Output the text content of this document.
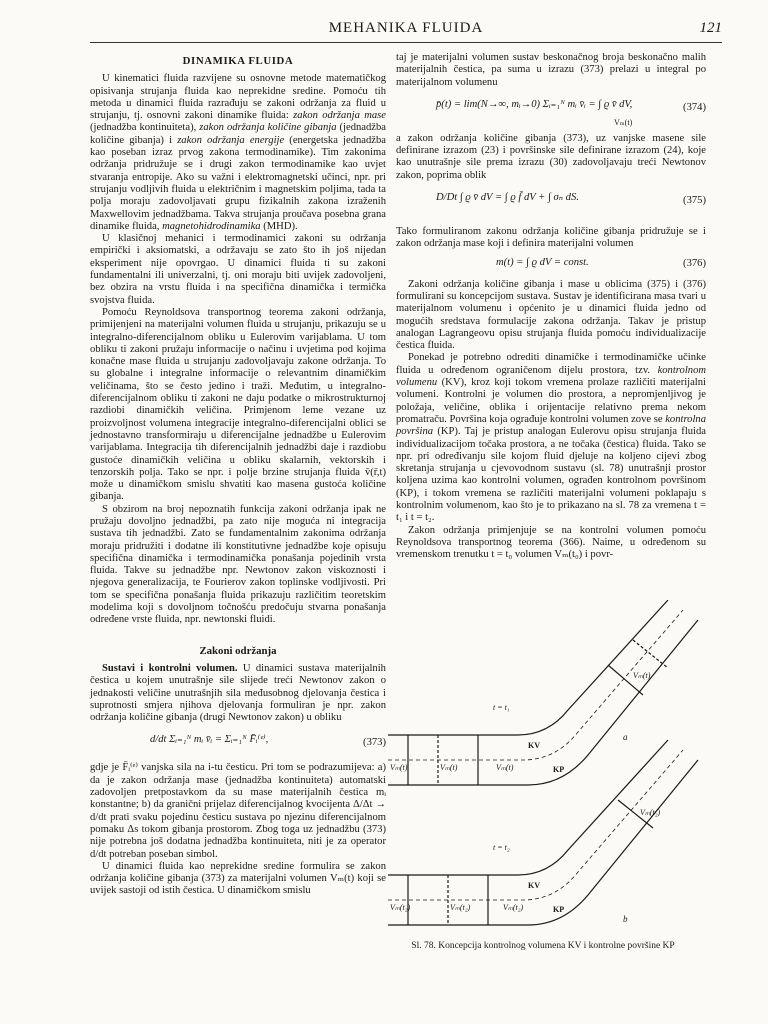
MEHANIKA FLUIDA	121
DINAMIKA FLUIDA

U kinematici fluida razvijene su osnovne metode matematičkog opisivanja strujanja fluida kao neprekidne sredine. Pomoću tih metoda u dinamici fluida razrađuju se zakoni održanja za fluid u strujanju, tj. osnovni zakoni dinamike fluida: zakon održanja mase (jednadžba kontinuiteta), zakon održanja količine gibanja (jednadžba količine gibanja) i zakon održanja energije (energetska jednadžba kao poseban izraz prvog zakona termodinamike). Tim zakonima održanja pridružuje se i drugi zakon termodinamike kao uvjet stvaranja entropije. Ako su važni i elektromagnetski učinci, npr. pri strujanju vodljivih fluida u električnim i magnetskim poljima, tada ta polja moraju zadovoljavati grupu fizikalnih zakona izraženih Maxwellovim jednadžbama. Takva strujanja proučava posebna grana dinamike fluida, magnetohidrodinamika (MHD).

U klasičnoj mehanici i termodinamici zakoni su održanja empirički i aksiomatski, a održavaju se zato što ih još nijedan eksperiment nije opovrgao. U dinamici fluida ti su zakoni fundamentalni ili univerzalni, tj. oni moraju biti uvijek zadovoljeni, bez obzira na vrstu fluida i na specifična dinamička i termička svojstva fluida.

Pomoću Reynoldsova transportnog teorema zakoni održanja, primijenjeni na materijalni volumen fluida u strujanju, prikazuju se u integralno-diferencijalnom obliku u Eulerovim varijablama. U tom obliku ti zakoni pružaju informacije o načinu i uvjetima pod kojima konačne mase fluida u strujanju zadovoljavaju zakone održanja. To su globalne i integralne informacije o relevantnim dinamičkim veličinama, što se često jedino i traži. Međutim, u integralno-diferencijalnom obliku ti zakoni ne daju podatke o mikrostrukturnoj razdiobi dinamičkih veličina. Primjenom leme vezane uz proizvoljnost volumena integracije integralno-diferencijalni oblici se jednostavno transformiraju u diferencijalne jednadžbe u Eulerovim varijablama. Integracija tih diferencijalnih jednadžbi daje i razdiobu gustoće dinamičkih veličina u obliku skalarnih, vektorskih i tenzorskih polja. Tako se npr. i polje brzine strujanja fluida v̄(r̄,t) može u dinamičkom smislu shvatiti kao masena gustoća količine gibanja.

S obzirom na broj nepoznatih funkcija zakoni održanja ipak ne pružaju dovoljno jednadžbi, pa zato nije moguća ni integracija sustava tih jednadžbi. Zato se fundamentalnim zakonima održanja moraju pridružiti i dodatne ili konstitutivne jednadžbe koje opisuju specifična dinamička i termodinamička ponašanja pojedinih vrsta fluida. Takve su jednadžbe npr. Newtonov zakon viskoznosti i njegova generalizacija, te Fourierov zakon toplinske vodljivosti. Pri tom se specifična ponašanja fluida prikazuju različitim teoretskim modelima koji s dovoljnom točnošću predočuju stvarna ponašanja određene vrste fluida, npr. newtonski fluidi.

Zakoni održanja

Sustavi i kontrolni volumen. U dinamici sustava materijalnih čestica u kojem unutrašnje sile slijede treći Newtonov zakon o jednakosti veličine unutrašnjih sila međusobnog djelovanja čestica i suprotnosti smjera njihova djelovanja formuliran je npr. zakon održanja količine gibanja (drugi Newtonov zakon) u obliku

d/dt Σᵢ₌₁ᴺ mᵢ v̄ᵢ = Σᵢ₌₁ᴺ F̄ᵢ⁽ᵉ⁾,	(373)

gdje je F̄ᵢ⁽ᵉ⁾ vanjska sila na i-tu česticu. Pri tom se podrazumijeva: a) da je zakon održanja mase (jednadžba kontinuiteta) automatski zadovoljen pretpostavkom da su mase materijalnih čestica mᵢ konstantne; b) da granični prijelaz diferencijalnog kvocijenta Δ/Δt → d/dt prati svaku pojedinu česticu sustava po njezinu diferencijalnom pomaku Δs tokom gibanja prostorom. Zbog toga uz jednadžbu (373) nije potrebna još dodatna jednadžba kontinuiteta, niti je za operator d/dt potreban poseban simbol.

U dinamici fluida kao neprekidne sredine formulira se zakon održanja količine gibanja (373) za materijalni volumen Vₘ(t) koji se uvijek sastoji od istih čestica. U dinamičkom smislu

taj je materijalni volumen sustav beskonačnog broja beskonačno malih materijalnih čestica, pa suma u izrazu (373) prelazi u integral po materijalnom volumenu

p̄(t) = lim(N→∞, mᵢ→0) Σᵢ₌₁ᴺ mᵢ v̄ᵢ = ∫ ϱ v̄ dV,
Vₘ(t)
(374)

a zakon održanja količine gibanja (373), uz vanjske masene sile definirane izrazom (23) i površinske sile definirane izrazom (24), koje kao unutrašnje sile prema izrazu (30) zadovoljavaju treći Newtonov zakon, poprima oblik

D/Dt ∫ ϱ v̄ dV = ∫ ϱ f̄ dV + ∫ σₙ dS.	(375)

Tako formuliranom zakonu održanja količine gibanja pridružuje se i zakon održanja mase koji i definira materijalni volumen

m(t) = ∫ ϱ dV = const.	(376)

Zakoni održanja količine gibanja i mase u oblicima (375) i (376) formulirani su koncepcijom sustava. Sustav je identificirana masa tvari u materijalnom volumenu i općenito je u dinamici fluida jedno od mogućih sredstava formulacije zakona održanja. Takav je pristup analogan Lagrangeovu opisu strujanja fluida pomoću individualizacije čestica fluida.

Ponekad je potrebno odrediti dinamičke i termodinamičke učinke fluida u određenom ograničenom dijelu prostora, tzv. kontrolnom volumenu (KV), kroz koji tokom vremena prolaze različiti materijalni volumeni. Kontrolni je volumen dio prostora, a nepromjenljivog je položaja, veličine, oblika i orijentacije relativno prema nekom promatraču. Površina koja ograđuje kontrolni volumen zove se kontrolna površina (KP). Taj je pristup analogan Eulerovu opisu strujanja fluida individualizacijom točaka prostora, a ne točaka (čestica) fluida. Tako se npr. pri određivanju sile kojom fluid djeluje na koljeno cijevi zbog skretanja strujanja u cjevovodnom sustavu (sl. 78) unutrašnji prostor koljena uzima kao kontrolni volumen, ograđen kontrolnom površinom (KP), i tokom vremena se različiti materijalni volumeni poklapaju s kontrolnim volumenom, kao što je to prikazano na sl. 78 za vremena t = t₁ i t = t₂.

Zakon održanja primjenjuje se na kontrolni volumen pomoću Reynoldsova transportnog teorema (366). Naime, u određenom su vremenskom trenutku t = t₀ volumen Vₘ(t₀) i povr-

t = t₁
a
KV
KP
Vₘ(t)	Vₘ(t)	Vₘ(t)
Vₘ(t)
t = t₂
b
KV
KP
Vₘ(t₂)	Vₘ(t₂)	Vₘ(t₂)
Vₘ(t₂)
Sl. 78. Koncepcija kontrolnog volumena KV i kontrolne površine KP
